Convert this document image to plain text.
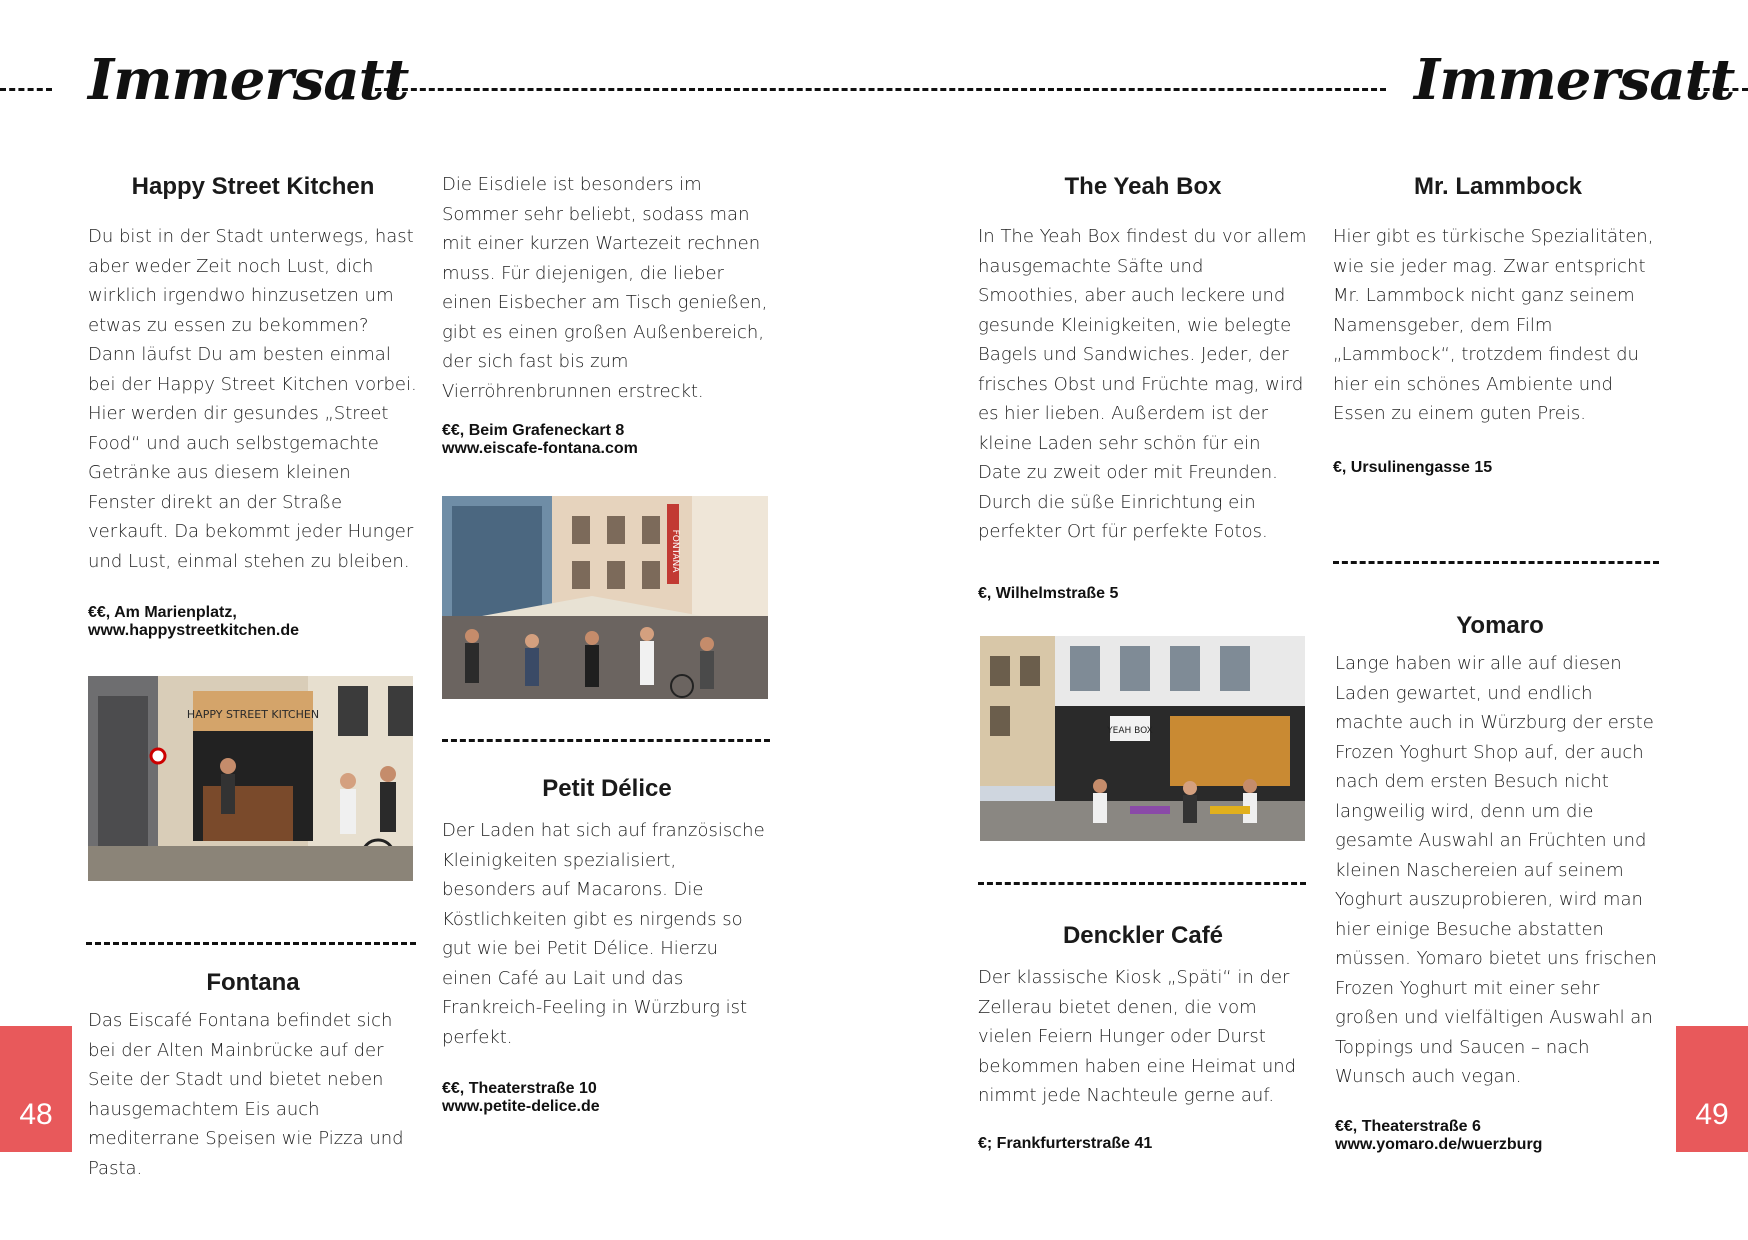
Immersatt	Immersatt
Happy Street Kitchen

Du bist in der Stadt unterwegs, hast aber weder Zeit noch Lust, dich wirklich irgendwo hinzusetzen um etwas zu essen zu bekommen? Dann läufst Du am besten einmal bei der Happy Street Kitchen vorbei. Hier werden dir gesundes „Street Food“ und auch selbstgemachte Getränke aus diesem kleinen Fenster direkt an der Straße verkauft. Da bekommt jeder Hunger und Lust, einmal stehen zu bleiben.

€€, Am Marienplatz,

www.happystreetkitchen.de

HAPPY STREET KITCHEN
Fontana

Das Eiscafé Fontana befindet sich bei der Alten Mainbrücke auf der Seite der Stadt und bietet neben hausgemachtem Eis auch mediterrane Speisen wie Pizza und Pasta.

Die Eisdiele ist besonders im Sommer sehr beliebt, sodass man mit einer kurzen Wartezeit rechnen muss. Für diejenigen, die lieber einen Eisbecher am Tisch genießen, gibt es einen großen Außenbereich, der sich fast bis zum Vierröhrenbrunnen erstreckt.

€€, Beim Grafeneckart 8

www.eiscafe-fontana.com

FONTANA
Petit Délice

Der Laden hat sich auf französische Kleinigkeiten spezialisiert, besonders auf Macarons. Die Köstlichkeiten gibt es nirgends so gut wie bei Petit Délice. Hierzu einen Café au Lait und das Frankreich-Feeling in Würzburg ist perfekt.

€€, Theaterstraße 10

www.petite-delice.de

The Yeah Box

In The Yeah Box findest du vor allem hausgemachte Säfte und Smoothies, aber auch leckere und gesunde Kleinigkeiten, wie belegte Bagels und Sandwiches. Jeder, der frisches Obst und Früchte mag, wird es hier lieben. Außerdem ist der kleine Laden sehr schön für ein Date zu zweit oder mit Freunden. Durch die süße Einrichtung ein perfekter Ort für perfekte Fotos.

€, Wilhelmstraße 5

YEAH BOX
Denckler Café

Der klassische Kiosk „Späti“ in der Zellerau bietet denen, die vom vielen Feiern Hunger oder Durst bekommen haben eine Heimat und nimmt jede Nachteule gerne auf.

€; Frankfurterstraße 41

Mr. Lammbock

Hier gibt es türkische Spezialitäten, wie sie jeder mag. Zwar entspricht Mr. Lammbock nicht ganz seinem Namensgeber, dem Film „Lammbock“, trotzdem findest du hier ein schönes Ambiente und Essen zu einem guten Preis.

€, Ursulinengasse 15

Yomaro

Lange haben wir alle auf diesen Laden gewartet, und endlich machte auch in Würzburg der erste Frozen Yoghurt Shop auf, der auch nach dem ersten Besuch nicht langweilig wird, denn um die gesamte Auswahl an Früchten und kleinen Naschereien auf seinem Yoghurt auszuprobieren, wird man hier einige Besuche abstatten müssen. Yomaro bietet uns frischen Frozen Yoghurt mit einer sehr großen und vielfältigen Auswahl an Toppings und Saucen – nach Wunsch auch vegan.

€€, Theaterstraße 6

www.yomaro.de/wuerzburg

48	49
